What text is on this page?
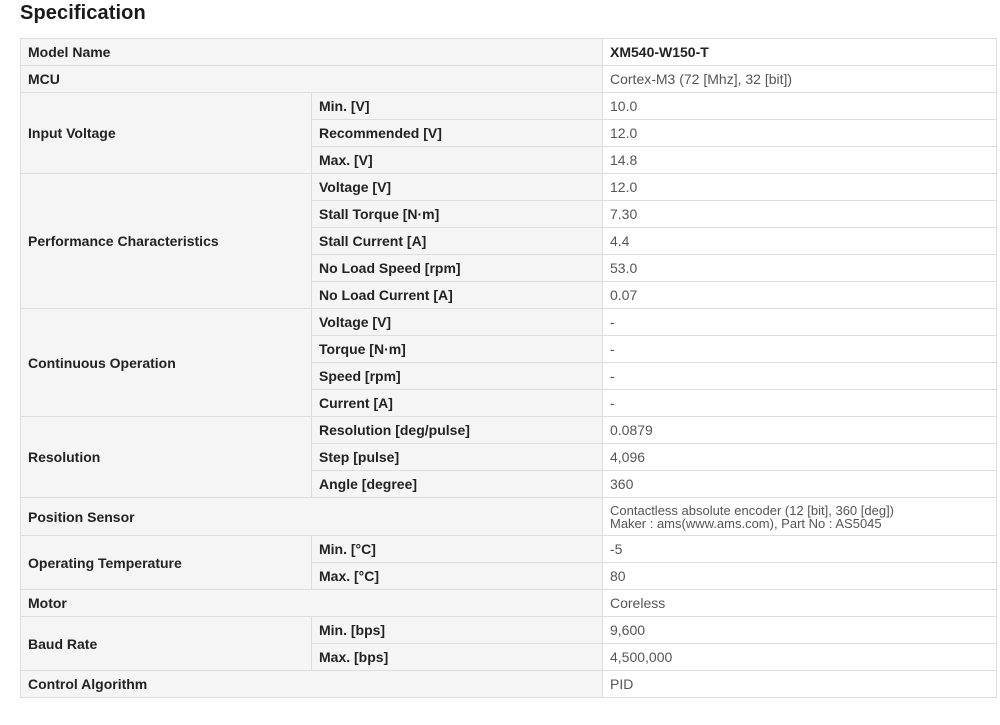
Specification
Model Name		XM540-W150-T
MCU		Cortex-M3 (72 [Mhz], 32 [bit])
Input Voltage	Min. [V]	10.0
	Recommended [V]	12.0
	Max. [V]	14.8
Performance Characteristics	Voltage [V]	12.0
	Stall Torque [N·m]	7.30
	Stall Current [A]	4.4
	No Load Speed [rpm]	53.0
	No Load Current [A]	0.07
Continuous Operation	Voltage [V]	-
	Torque [N·m]	-
	Speed [rpm]	-
	Current [A]	-
Resolution	Resolution [deg/pulse]	0.0879
	Step [pulse]	4,096
	Angle [degree]	360
Position Sensor		Contactless absolute encoder (12 [bit], 360 [deg])
Maker : ams(www.ams.com), Part No : AS5045

Operating Temperature	Min. [°C]	-5
	Max. [°C]	80
Motor		Coreless
Baud Rate	Min. [bps]	9,600
	Max. [bps]	4,500,000
Control Algorithm		PID
